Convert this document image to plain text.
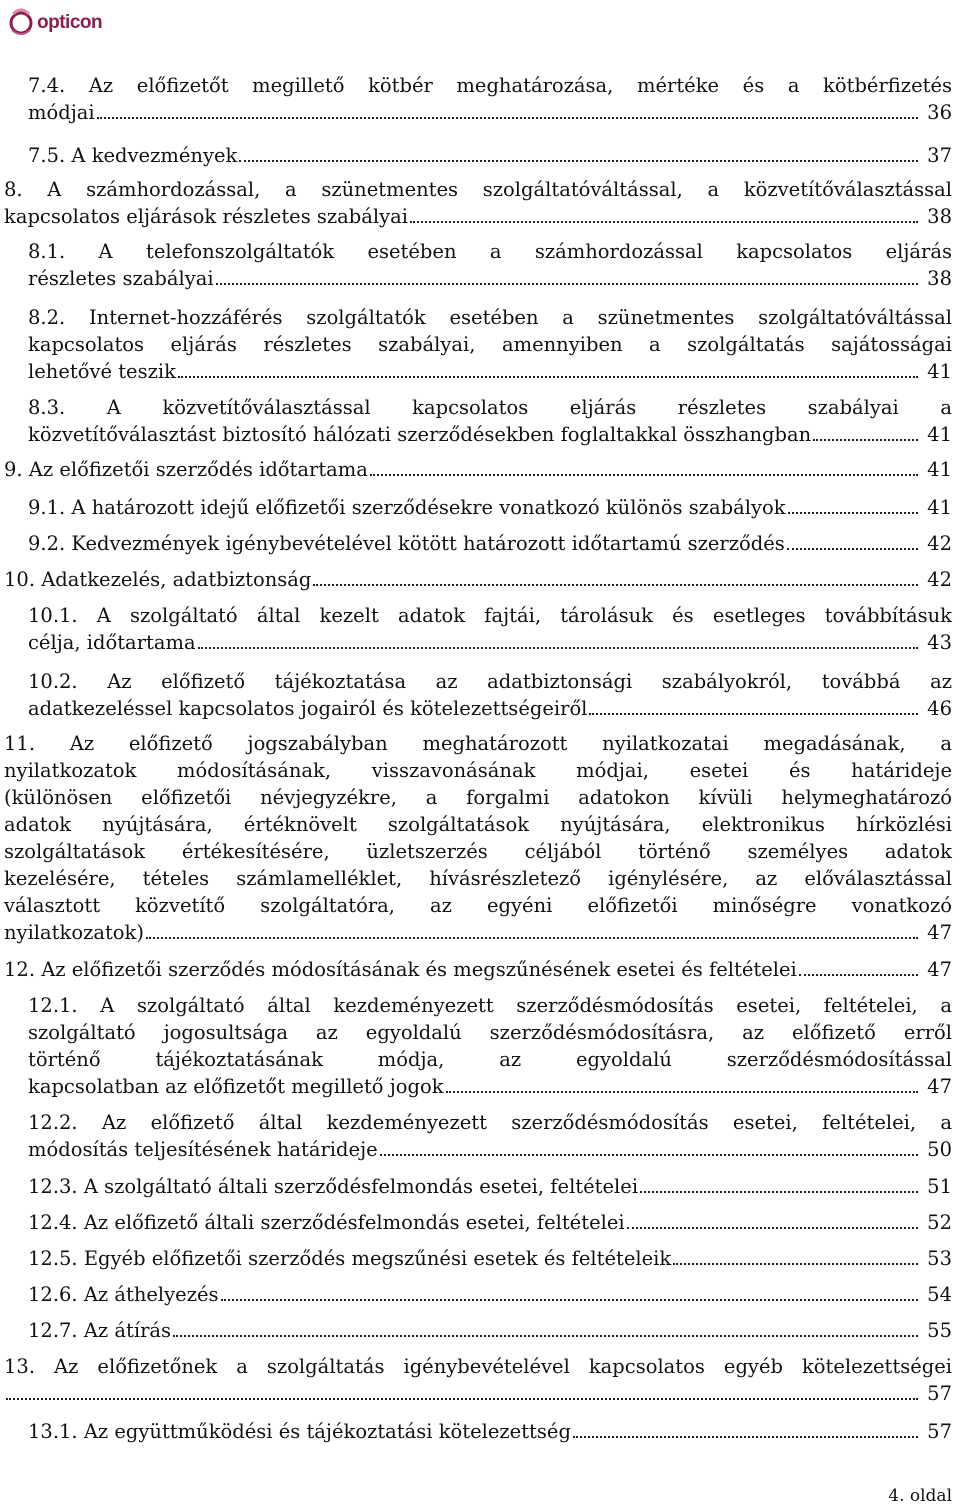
opticon
7.4. Az előfizetőt megillető kötbér meghatározása, mértéke és a kötbérfizetés
módjai	36
7.5. A kedvezmények	37
8. A számhordozással, a szünetmentes szolgáltatóváltással, a közvetítőválasztással
kapcsolatos eljárások részletes szabályai	38
8.1. A telefonszolgáltatók esetében a számhordozással kapcsolatos eljárás
részletes szabályai	38
8.2. Internet-hozzáférés szolgáltatók esetében a szünetmentes szolgáltatóváltással
kapcsolatos eljárás részletes szabályai, amennyiben a szolgáltatás sajátosságai
lehetővé teszik	41
8.3. A közvetítőválasztással kapcsolatos eljárás részletes szabályai a
közvetítőválasztást biztosító hálózati szerződésekben foglaltakkal összhangban	41
9. Az előfizetői szerződés időtartama	41
9.1. A határozott idejű előfizetői szerződésekre vonatkozó különös szabályok	41
9.2. Kedvezmények igénybevételével kötött határozott időtartamú szerződés	42
10. Adatkezelés, adatbiztonság	42
10.1. A szolgáltató által kezelt adatok fajtái, tárolásuk és esetleges továbbításuk
célja, időtartama	43
10.2. Az előfizető tájékoztatása az adatbiztonsági szabályokról, továbbá az
adatkezeléssel kapcsolatos jogairól és kötelezettségeiről	46
11. Az előfizető jogszabályban meghatározott nyilatkozatai megadásának, a
nyilatkozatok módosításának, visszavonásának módjai, esetei és határideje
(különösen előfizetői névjegyzékre, a forgalmi adatokon kívüli helymeghatározó
adatok nyújtására, értéknövelt szolgáltatások nyújtására, elektronikus hírközlési
szolgáltatások értékesítésére, üzletszerzés céljából történő személyes adatok
kezelésére, tételes számlamelléklet, hívásrészletező igénylésére, az előválasztással
választott közvetítő szolgáltatóra, az egyéni előfizetői minőségre vonatkozó
nyilatkozatok)	47
12. Az előfizetői szerződés módosításának és megszűnésének esetei és feltételei	47
12.1. A szolgáltató által kezdeményezett szerződésmódosítás esetei, feltételei, a
szolgáltató jogosultsága az egyoldalú szerződésmódosításra, az előfizető erről
történő tájékoztatásának módja, az egyoldalú szerződésmódosítással
kapcsolatban az előfizetőt megillető jogok	47
12.2. Az előfizető által kezdeményezett szerződésmódosítás esetei, feltételei, a
módosítás teljesítésének határideje	50
12.3. A szolgáltató általi szerződésfelmondás esetei, feltételei	51
12.4. Az előfizető általi szerződésfelmondás esetei, feltételei	52
12.5. Egyéb előfizetői szerződés megszűnési esetek és feltételeik	53
12.6. Az áthelyezés	54
12.7. Az átírás	55
13. Az előfizetőnek a szolgáltatás igénybevételével kapcsolatos egyéb kötelezettségei
57
13.1. Az együttműködési és tájékoztatási kötelezettség	57
4. oldal
